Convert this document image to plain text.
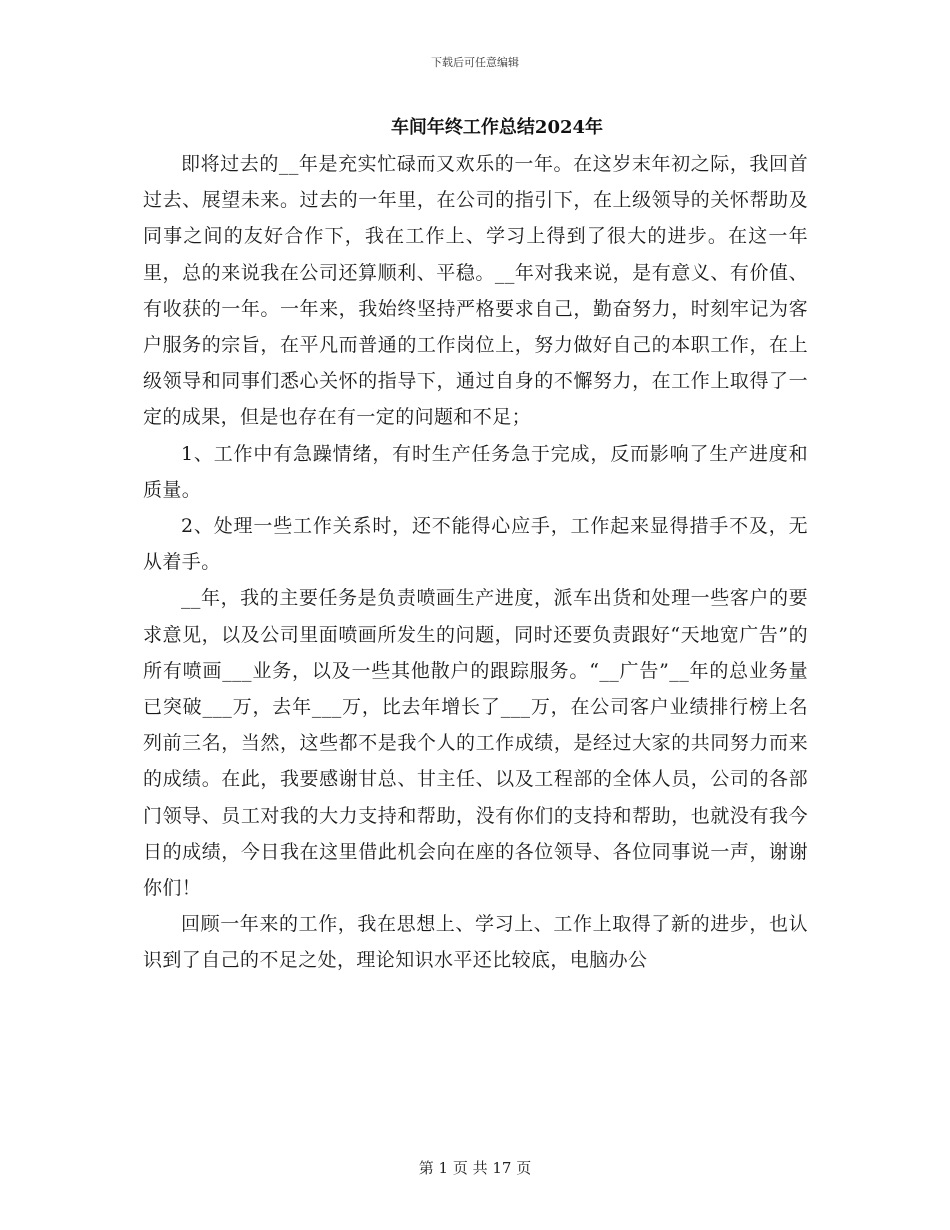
下载后可任意编辑
车间年终工作总结2024年

即将过去的__年是充实忙碌而又欢乐的一年。在这岁末年初之际，我回首过去、展望未来。过去的一年里，在公司的指引下，在上级领导的关怀帮助及同事之间的友好合作下，我在工作上、学习上得到了很大的进步。在这一年里，总的来说我在公司还算顺利、平稳。__年对我来说，是有意义、有价值、有收获的一年。一年来，我始终坚持严格要求自己，勤奋努力，时刻牢记为客户服务的宗旨，在平凡而普通的工作岗位上，努力做好自己的本职工作，在上级领导和同事们悉心关怀的指导下，通过自身的不懈努力，在工作上取得了一定的成果，但是也存在有一定的问题和不足；

1、工作中有急躁情绪，有时生产任务急于完成，反而影响了生产进度和质量。

2、处理一些工作关系时，还不能得心应手，工作起来显得措手不及，无从着手。

__年，我的主要任务是负责喷画生产进度，派车出货和处理一些客户的要求意见，以及公司里面喷画所发生的问题，同时还要负责跟好“天地宽广告”的所有喷画___业务，以及一些其他散户的跟踪服务。“__广告”__年的总业务量已突破___万，去年___万，比去年增长了___万，在公司客户业绩排行榜上名列前三名，当然，这些都不是我个人的工作成绩，是经过大家的共同努力而来的成绩。在此，我要感谢甘总、甘主任、以及工程部的全体人员，公司的各部门领导、员工对我的大力支持和帮助，没有你们的支持和帮助，也就没有我今日的成绩，今日我在这里借此机会向在座的各位领导、各位同事说一声，谢谢你们！

回顾一年来的工作，我在思想上、学习上、工作上取得了新的进步，也认识到了自己的不足之处，理论知识水平还比较底，电脑办公

第 1 页 共 17 页
